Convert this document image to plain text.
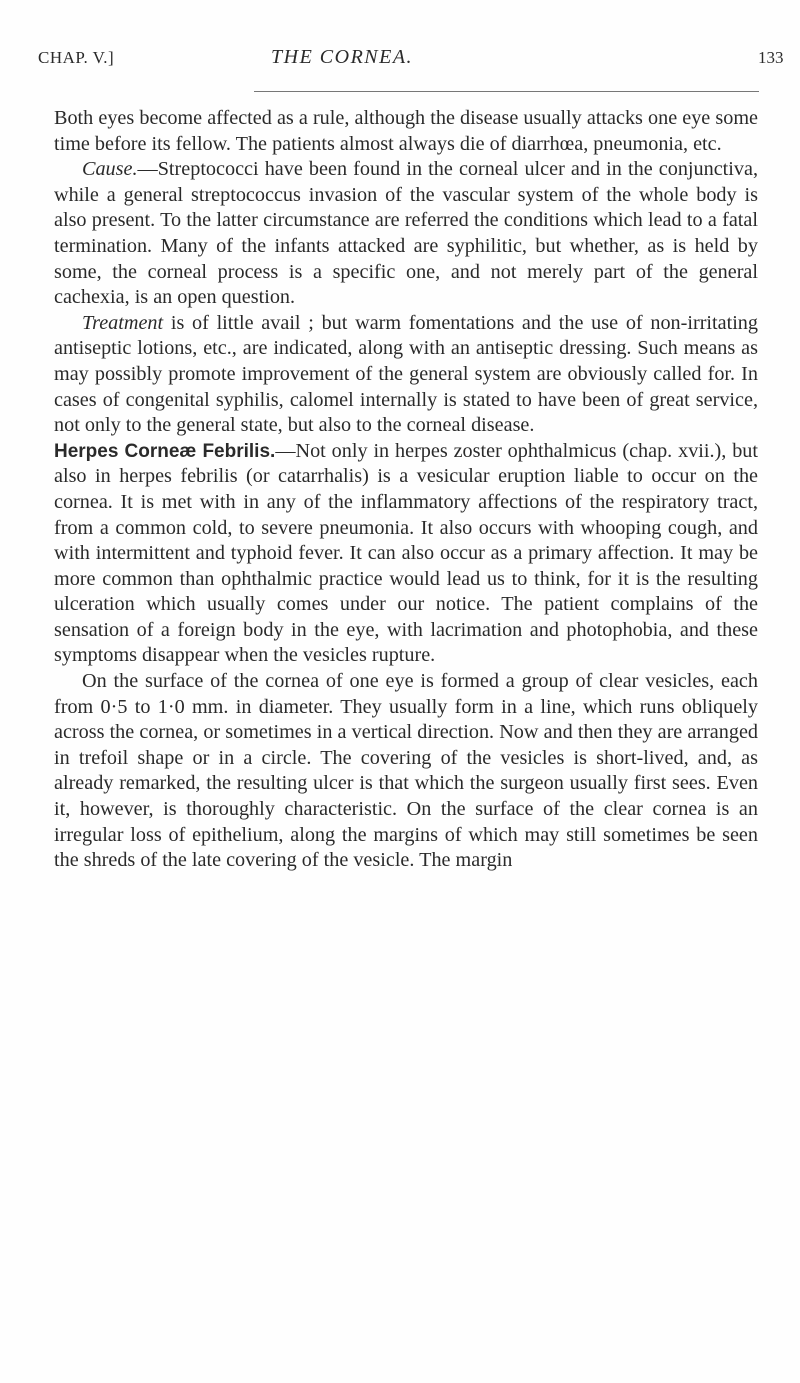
CHAP. V.]	THE CORNEA.	133

Both eyes become affected as a rule, although the disease usually attacks one eye some time before its fellow. The patients almost always die of diarrhœa, pneumonia, etc.

Cause.—Streptococci have been found in the corneal ulcer and in the conjunctiva, while a general streptococcus invasion of the vascular system of the whole body is also present. To the latter circumstance are referred the conditions which lead to a fatal termination. Many of the infants attacked are syphilitic, but whether, as is held by some, the corneal process is a specific one, and not merely part of the general cachexia, is an open question.

Treatment is of little avail ; but warm fomentations and the use of non-irritating antiseptic lotions, etc., are indicated, along with an antiseptic dressing. Such means as may possibly promote improvement of the general system are obviously called for. In cases of congenital syphilis, calomel internally is stated to have been of great service, not only to the general state, but also to the corneal disease.

Herpes Corneæ Febrilis.—Not only in herpes zoster ophthalmicus (chap. xvii.), but also in herpes febrilis (or catarrhalis) is a vesicular eruption liable to occur on the cornea. It is met with in any of the inflammatory affections of the respiratory tract, from a common cold, to severe pneumonia. It also occurs with whooping cough, and with intermittent and typhoid fever. It can also occur as a primary affection. It may be more common than ophthalmic practice would lead us to think, for it is the resulting ulceration which usually comes under our notice. The patient complains of the sensation of a foreign body in the eye, with lacrimation and photophobia, and these symptoms disappear when the vesicles rupture.

On the surface of the cornea of one eye is formed a group of clear vesicles, each from 0·5 to 1·0 mm. in diameter. They usually form in a line, which runs obliquely across the cornea, or sometimes in a vertical direction. Now and then they are arranged in trefoil shape or in a circle. The covering of the vesicles is short-lived, and, as already remarked, the resulting ulcer is that which the surgeon usually first sees. Even it, however, is thoroughly characteristic. On the surface of the clear cornea is an irregular loss of epithelium, along the margins of which may still sometimes be seen the shreds of the late covering of the vesicle. The margin
